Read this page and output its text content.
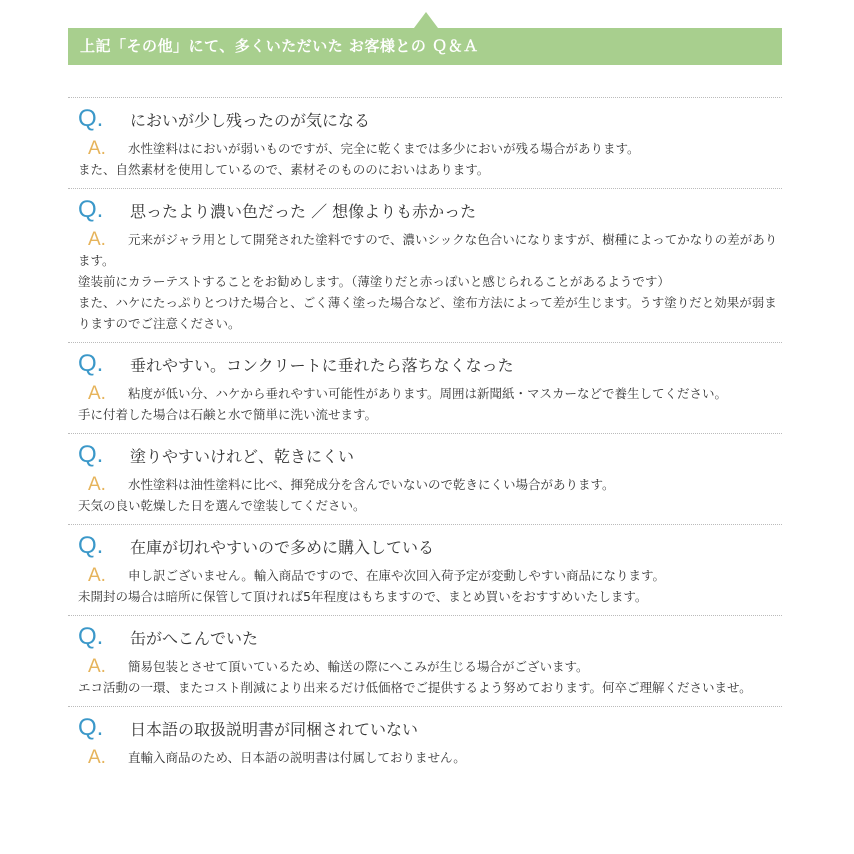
上記「その他」にて、多くいただいた お客様との Ｑ＆Ａ
Q.	においが少し残ったのが気になる
A. 水性塗料はにおいが弱いものですが、完全に乾くまでは多少においが残る場合があります。
また、自然素材を使用しているので、素材そのもののにおいはあります。
Q.	思ったより濃い色だった ／ 想像よりも赤かった
A. 元来がジャラ用として開発された塗料ですので、濃いシックな色合いになりますが、樹種によってかなりの差があります。
塗装前にカラーテストすることをお勧めします。（薄塗りだと赤っぽいと感じられることがあるようです）
また、ハケにたっぷりとつけた場合と、ごく薄く塗った場合など、塗布方法によって差が生じます。うす塗りだと効果が弱まりますのでご注意ください。
Q.	垂れやすい。コンクリートに垂れたら落ちなくなった
A. 粘度が低い分、ハケから垂れやすい可能性があります。周囲は新聞紙・マスカーなどで養生してください。
手に付着した場合は石鹸と水で簡単に洗い流せます。
Q.	塗りやすいけれど、乾きにくい
A. 水性塗料は油性塗料に比べ、揮発成分を含んでいないので乾きにくい場合があります。
天気の良い乾燥した日を選んで塗装してください。
Q.	在庫が切れやすいので多めに購入している
A. 申し訳ございません。輸入商品ですので、在庫や次回入荷予定が変動しやすい商品になります。
未開封の場合は暗所に保管して頂ければ5年程度はもちますので、まとめ買いをおすすめいたします。
Q.	缶がへこんでいた
A. 簡易包装とさせて頂いているため、輸送の際にへこみが生じる場合がございます。
エコ活動の一環、またコスト削減により出来るだけ低価格でご提供するよう努めております。何卒ご理解くださいませ。
Q.	日本語の取扱説明書が同梱されていない
A. 直輸入商品のため、日本語の説明書は付属しておりません。
